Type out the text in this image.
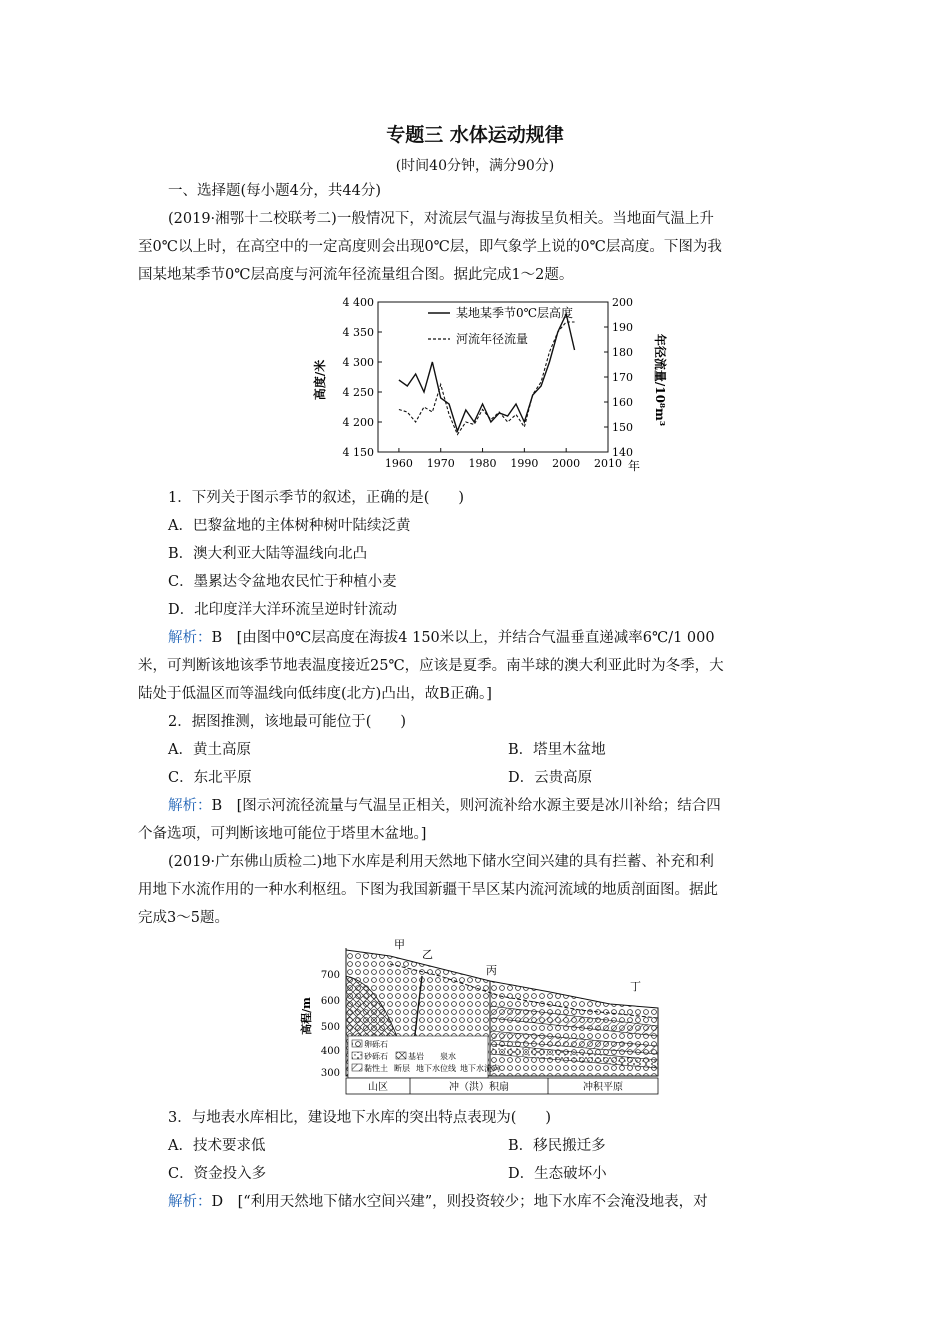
专题三 水体运动规律
(时间40分钟，满分90分)
一、选择题(每小题4分，共44分)
(2019·湘鄂十二校联考二)一般情况下，对流层气温与海拔呈负相关。当地面气温上升
至0℃以上时，在高空中的一定高度则会出现0℃层，即气象学上说的0℃层高度。下图为我
国某地某季节0℃层高度与河流年径流量组合图。据此完成1～2题。
1960 1970 1980 1990 2000 2010
4 400
4 350
4 300
4 250
4 200
4 150
200
190
180
170
160
150
140
某地某季节0℃层高度
河流年径流量
高度/米	年径流量/10⁸m³
年
1．下列关于图示季节的叙述，正确的是(　　)
A．巴黎盆地的主体树种树叶陆续泛黄
B．澳大利亚大陆等温线向北凸
C．墨累达令盆地农民忙于种植小麦
D．北印度洋大洋环流呈逆时针流动
解析：B　[由图中0℃层高度在海拔4 150米以上，并结合气温垂直递减率6℃/1 000
米，可判断该地该季节地表温度接近25℃，应该是夏季。南半球的澳大利亚此时为冬季，大
陆处于低温区而等温线向低纬度(北方)凸出，故B正确。]
2．据图推测，该地最可能位于(　　)
A．黄土高原	B．塔里木盆地
C．东北平原	D．云贵高原
解析：B　[图示河流径流量与气温呈正相关，则河流补给水源主要是冰川补给；结合四
个备选项，可判断该地可能位于塔里木盆地。]
(2019·广东佛山质检二)地下水库是利用天然地下储水空间兴建的具有拦蓄、补充和利
用地下水流作用的一种水利枢纽。下图为我国新疆干旱区某内流河流域的地质剖面图。据此
完成3～5题。
700
600
500
400
300
高程/m
甲
乙
丙
丁
卵砾石
砂砾石	基岩 泉水
黏性土 断层 地下水位线 地下水流向
山区	冲（洪）积扇	冲积平原
3．与地表水库相比，建设地下水库的突出特点表现为(　　)
A．技术要求低	B．移民搬迁多
C．资金投入多	D．生态破坏小
解析：D　[“利用天然地下储水空间兴建”，则投资较少；地下水库不会淹没地表，对
